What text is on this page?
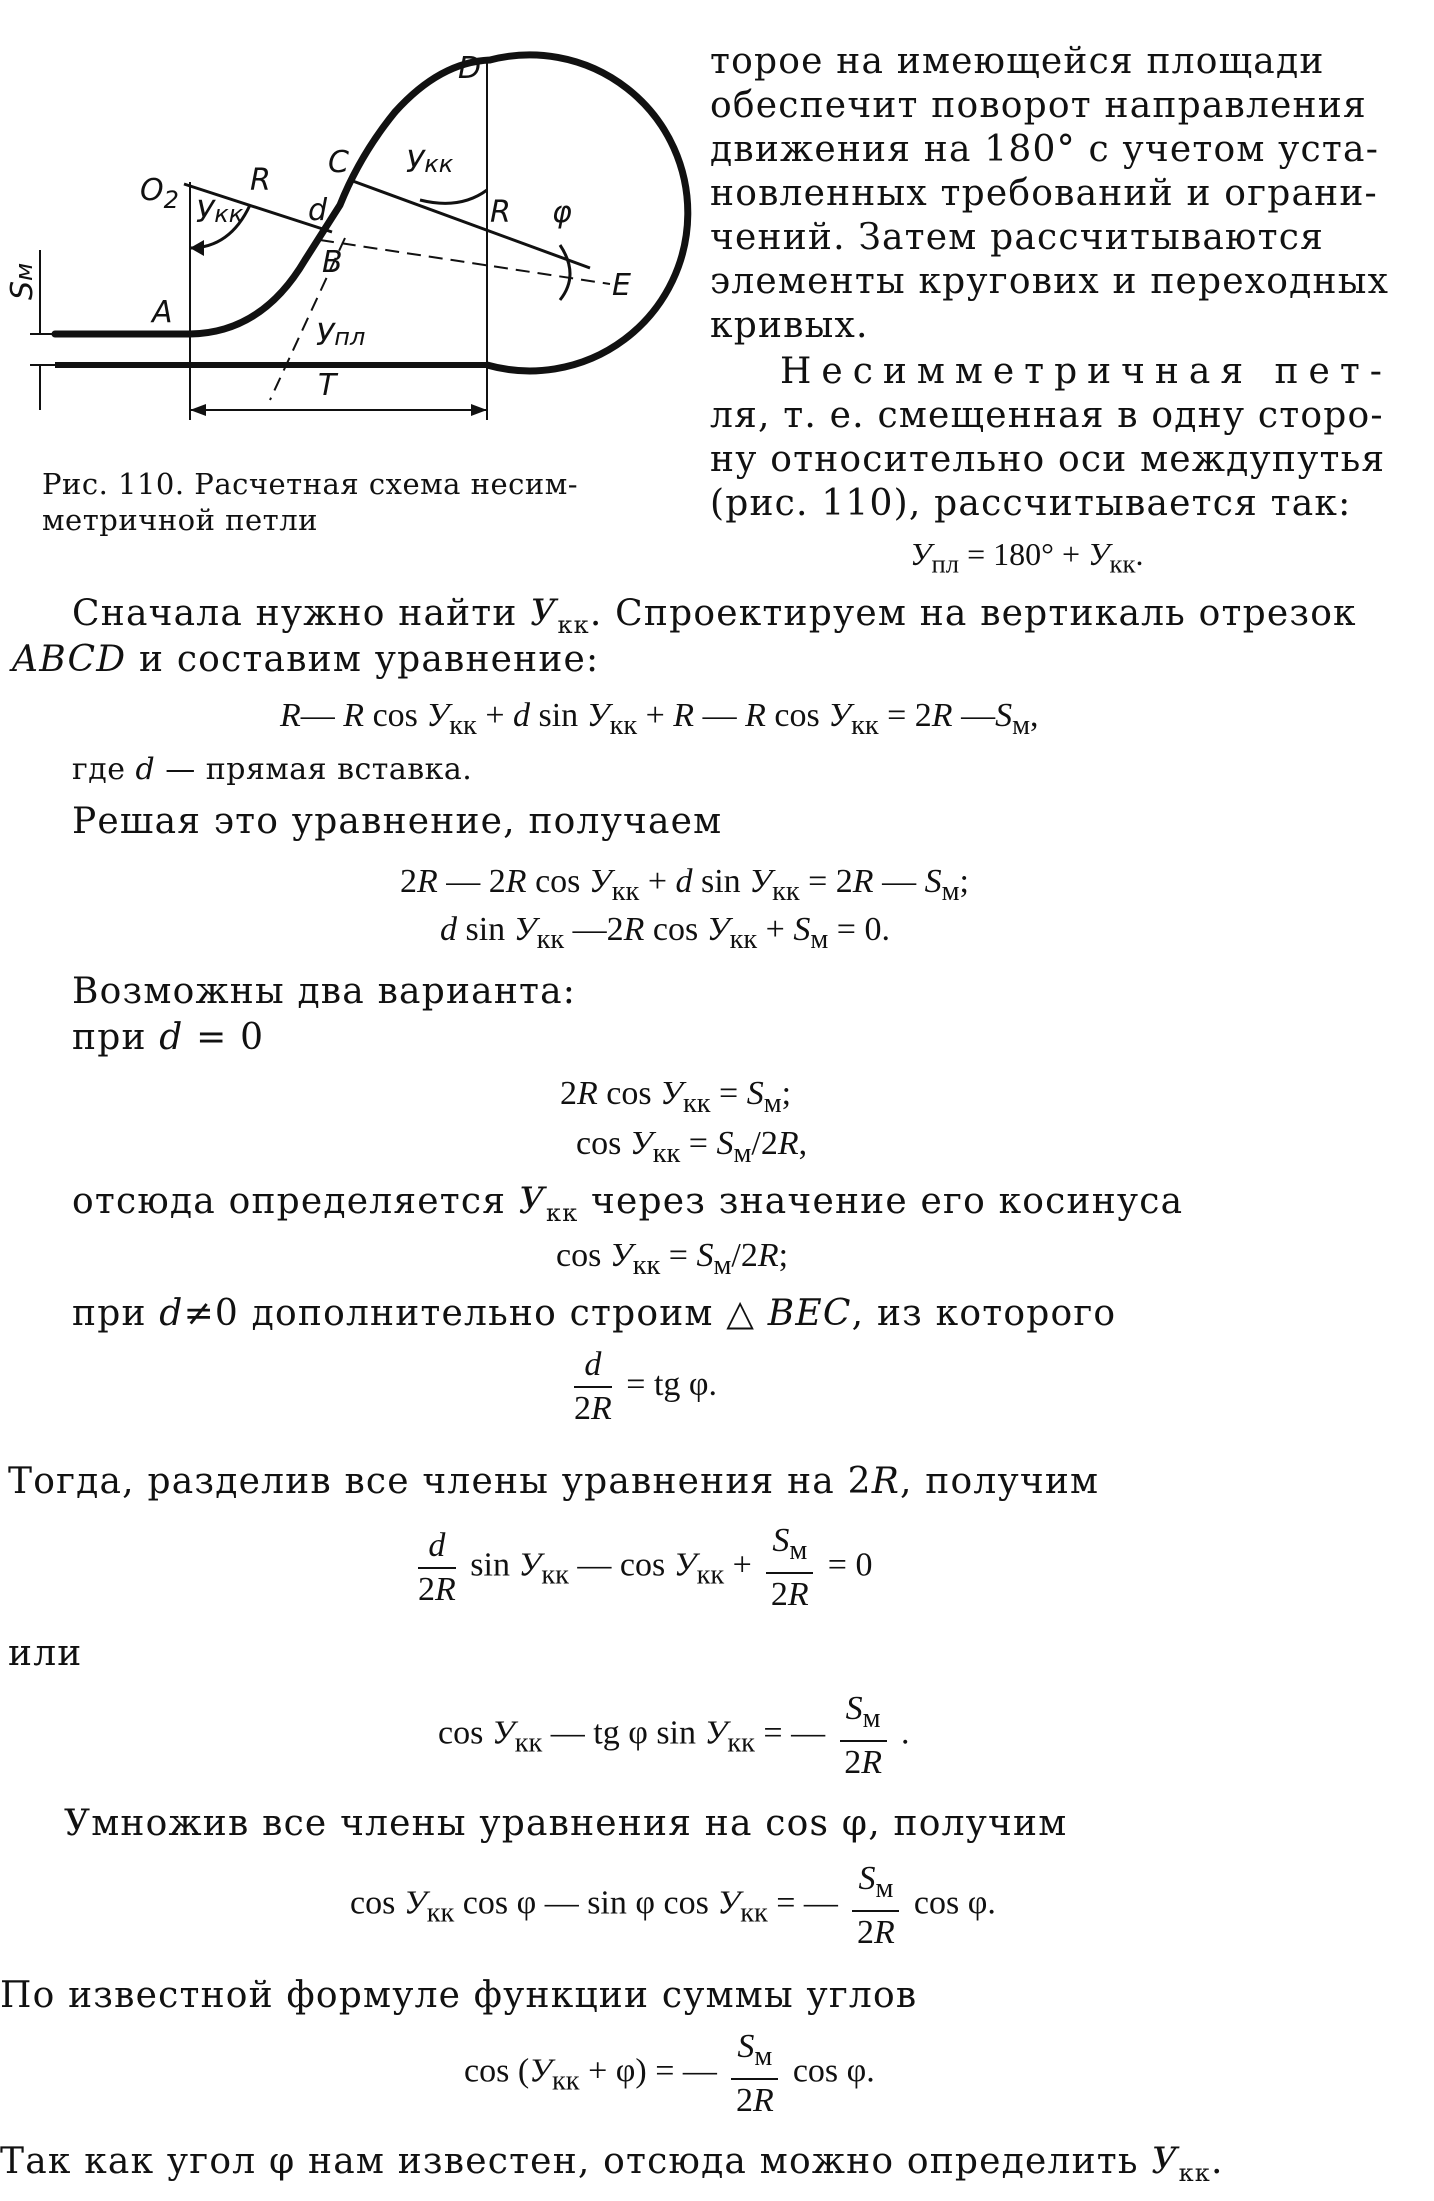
D
$O_2$
R
C
d
B
A
E
R φ
T
Укк
Укк
Упл
Sм
Рис. 110. Расчетная схема несим-
метричной петли
торое на имеющейся площади
обеспечит поворот направления
движения на 180° с учетом уста-
новленных требований и ограни-
чений. Затем рассчитываются
элементы кругових и переходных
кривых.
Несимметричная пет-
ля, т. е. смещенная в одну сторо-
ну относительно оси междупутья
(рис. 110), рассчитывается так:
$У_{пл} = 180^\circ + У_{кк}$.
Сначала нужно найти $У_{кк}$. Спроектируем на вертикаль отрезок
ABCD и составим уравнение:
R— R $\cos У_{кк} + d$ $\sin У_{кк} + R$ — R $\cos У_{кк} = 2R$ $—S_м$,
где d — прямая вставка.
Решая это уравнение, получаем
2R — 2R $\cos У_{кк} + d$ $\sin У_{кк} = 2R$ — $S_м$;
d $\sin У_{кк}$ —2R $\cos У_{кк} + S_м = 0$.
Возможны два варианта:
при d = 0
2R $\cos У_{кк} = S_м$;
$\cos У_{кк} = S_м/2R$,
отсюда определяется $У_{кк}$ через значение его косинуса
$\cos У_{кк} = S_м/2R$;
при d≠0 дополнительно строим △ BEC, из которого
$\frac{d}{2R}$ = tg φ.
Тогда, разделив все члены уравнения на 2R, получим
$\frac{d}{2R}$ $\sin У_{кк}$ — $\cos У_{кк} + \frac{S_м}{2R} = 0$
или
$\cos У_{кк}$ — tg φ $\sin У_{кк}$ = — $\frac{S_м}{2R}$ .
Умножив все члены уравнения на cos φ, получим
$\cos У_{кк}$ cos φ — sin φ $\cos У_{кк}$ = — $\frac{S_м}{2R}$ cos φ.
По известной формуле функции суммы углов
$\cos (У_{кк} + \varphi)$ = — $\frac{S_м}{2R}$ cos φ.
Так как угол φ нам известен, отсюда можно определить $У_{кк}$.
